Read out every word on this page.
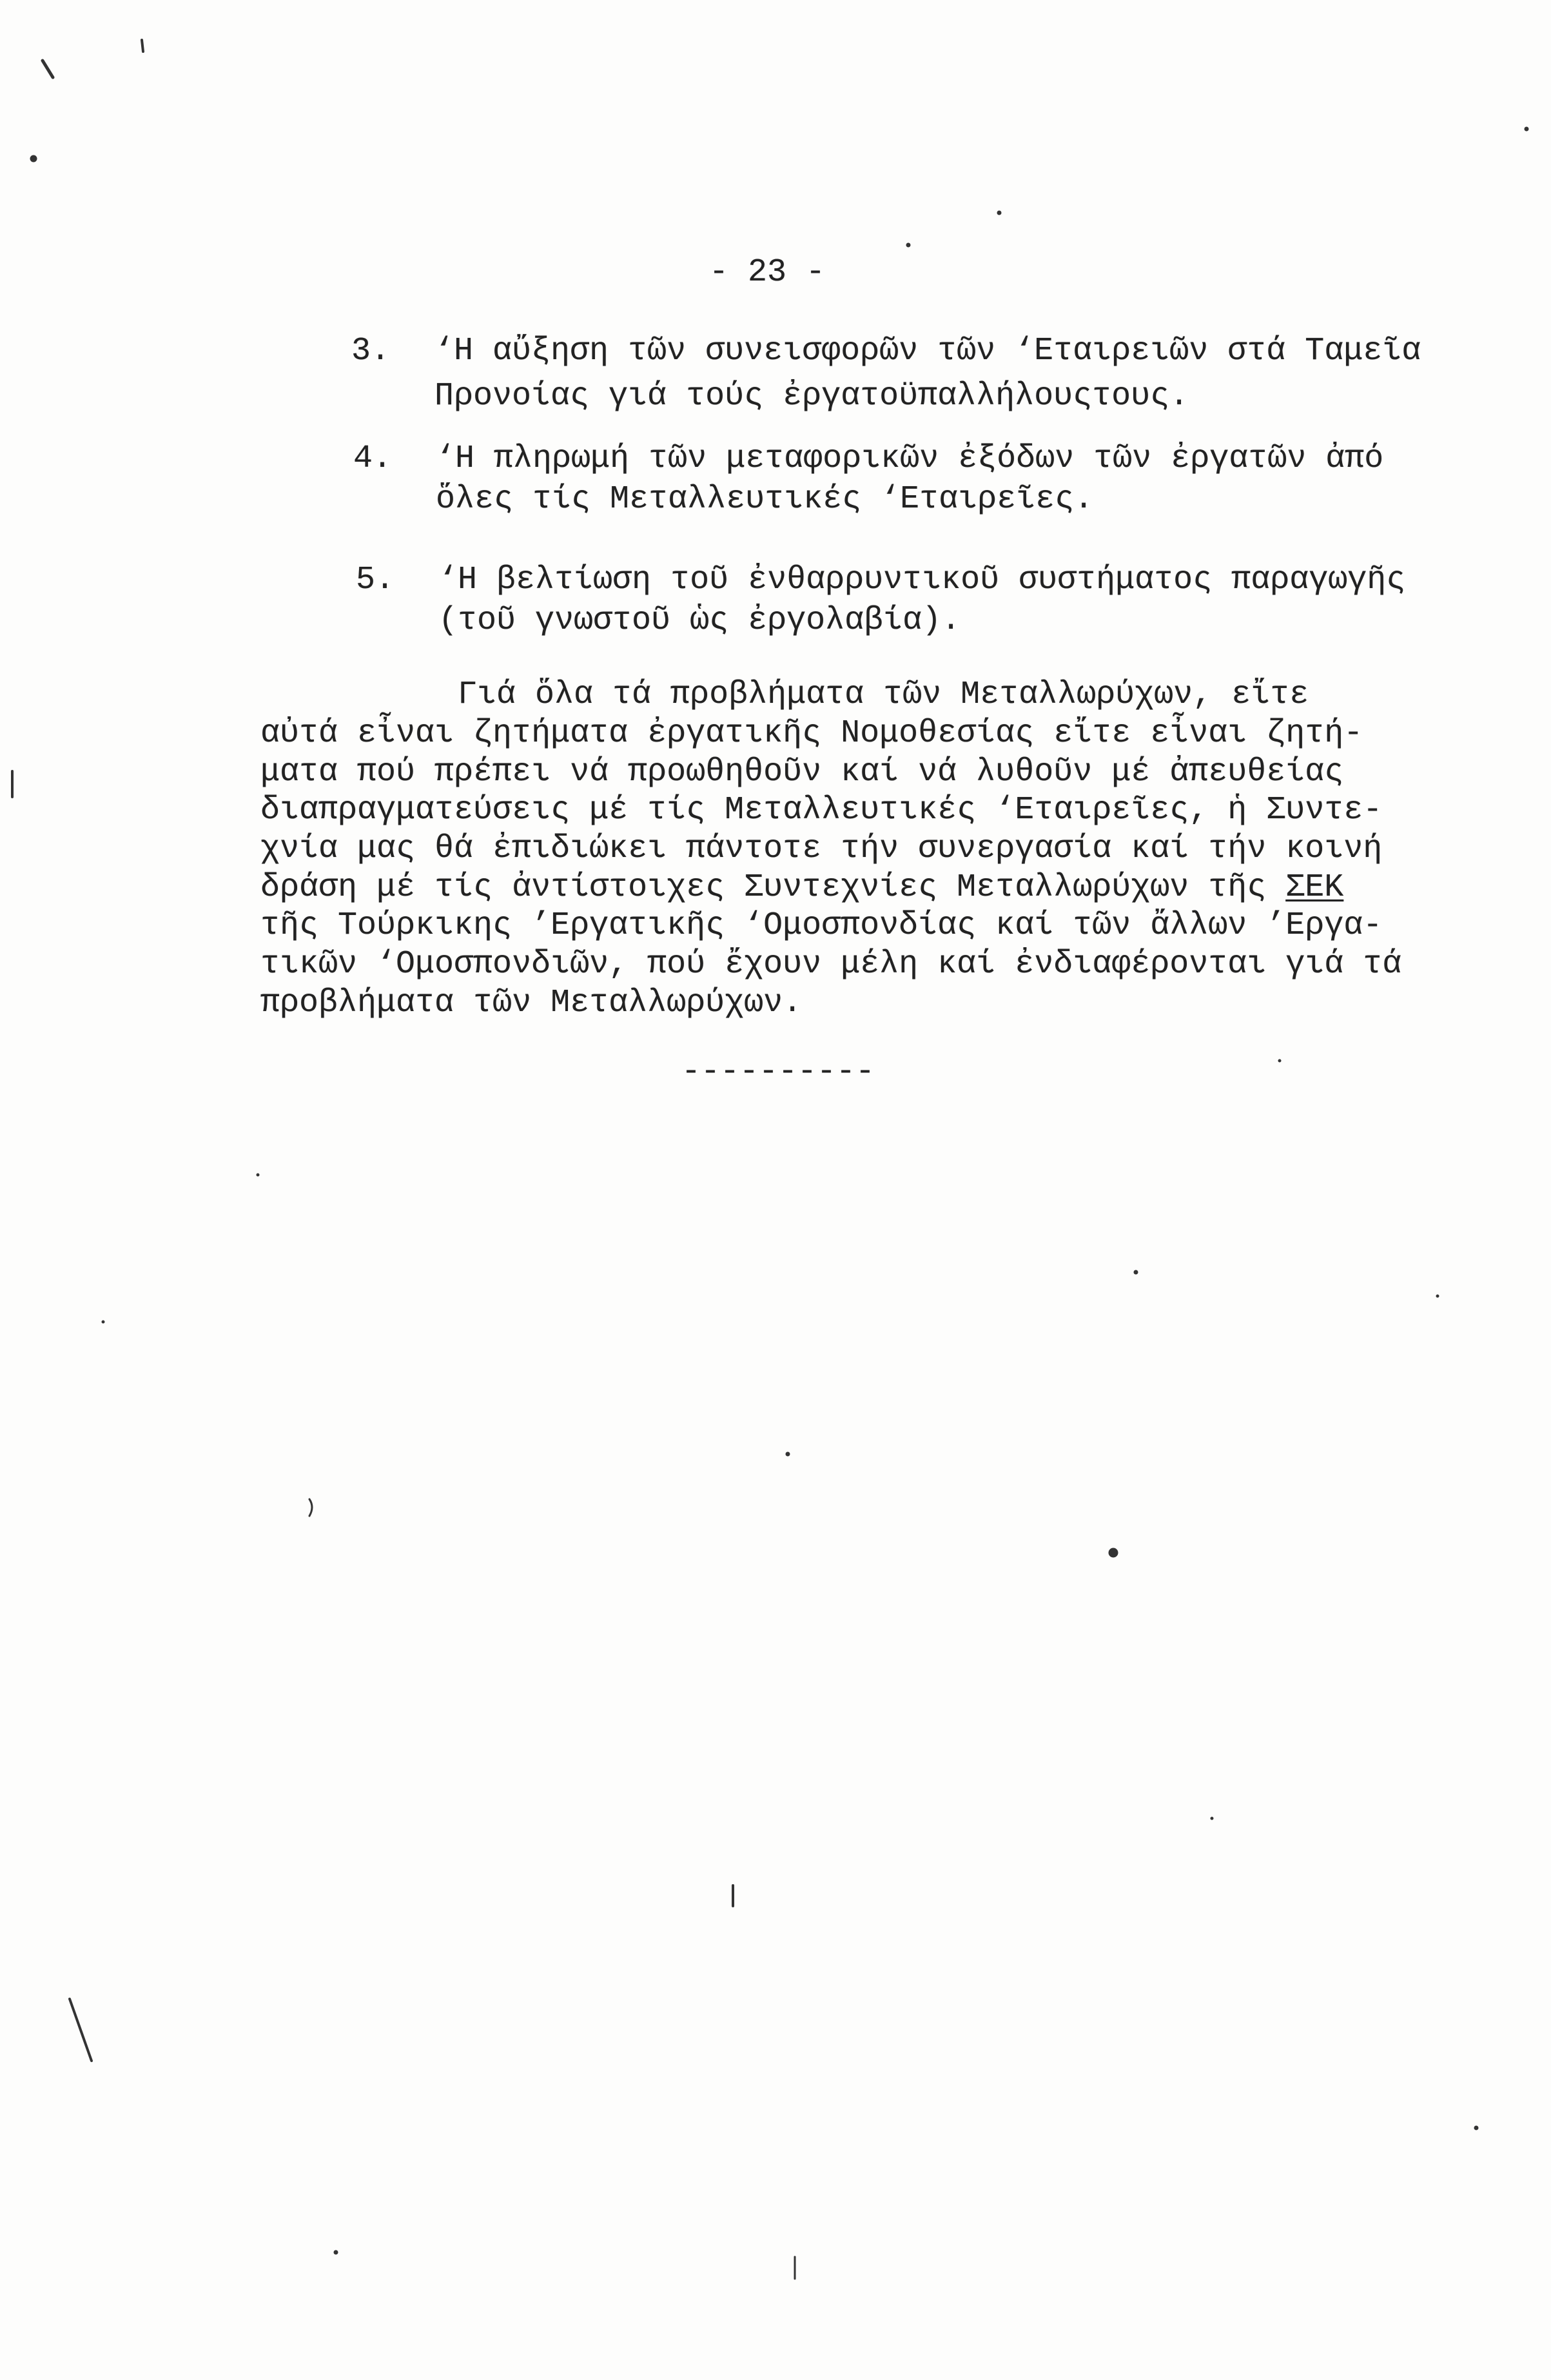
- 23 -
3. ‘Η αὔξηση τῶν συνεισφορῶν τῶν ‘Εταιρειῶν στά Ταμεῖα
Προνοίας γιά τούς ἐργατοϋπαλλήλουςτους.
4. ‘Η πληρωμή τῶν μεταφορικῶν ἐξόδων τῶν ἐργατῶν ἀπό
ὅλες τίς Μεταλλευτικές ‘Εταιρεῖες.
5. ‘Η βελτίωση τοῦ ἐνθαρρυντικοῦ συστήματος παραγωγῆς
(τοῦ γνωστοῦ ὡς ἐργολαβία).
Γιά ὅλα τά προβλήματα τῶν Μεταλλωρύχων, εἴτε
αὐτά εἶναι ζητήματα ἐργατικῆς Νομοθεσίας εἴτε εἶναι ζητή-
ματα πού πρέπει νά προωθηθοῦν καί νά λυθοῦν μέ ἀπευθείας
διαπραγματεύσεις μέ τίς Μεταλλευτικές ‘Εταιρεῖες, ἡ Συντε-
χνία μας θά ἐπιδιώκει πάντοτε τήν συνεργασία καί τήν κοινή
δράση μέ τίς ἀντίστοιχες Συντεχνίες Μεταλλωρύχων τῆς ΣΕΚ
τῆς Τούρκικης ’Εργατικῆς ‘Ομοσπονδίας καί τῶν ἄλλων ’Εργα-
τικῶν ‘Ομοσπονδιῶν, πού ἔχουν μέλη καί ἐνδιαφέρονται γιά τά
προβλήματα τῶν Μεταλλωρύχων.
----------
